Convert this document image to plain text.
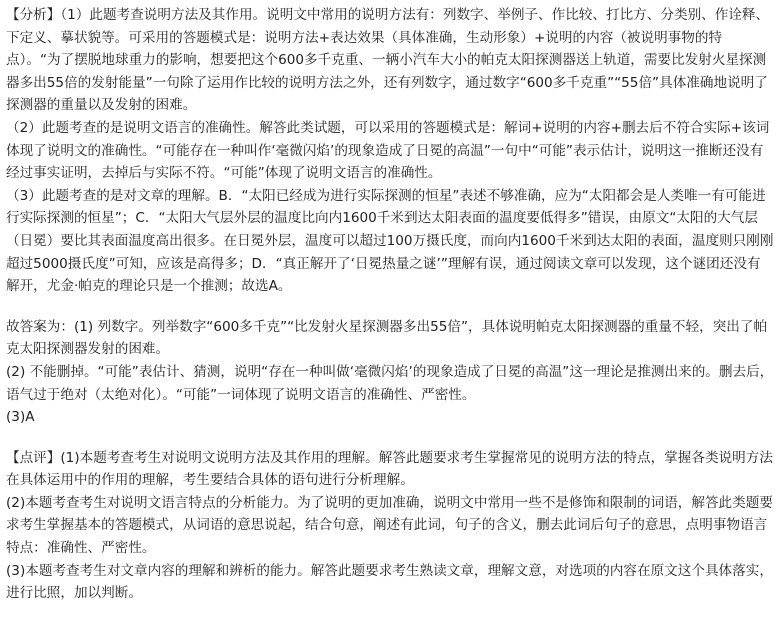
【分析】（1）此题考查说明方法及其作用。说明文中常用的说明方法有：列数字、举例子、作比较、打比方、分类别、作诠释、下定义、摹状貌等。可采用的答题模式是：说明方法+表达效果（具体准确，生动形象）+说明的内容（被说明事物的特点）。“为了摆脱地球重力的影响，想要把这个600多千克重、一辆小汽车大小的帕克太阳探测器送上轨道，需要比发射火星探测器多出55倍的发射能量”一句除了运用作比较的说明方法之外，还有列数字，通过数字“600多千克重”“55倍”具体准确地说明了探测器的重量以及发射的困难。

（2）此题考查的是说明文语言的准确性。解答此类试题，可以采用的答题模式是：解词+说明的内容+删去后不符合实际+该词体现了说明文的准确性。“可能存在一种叫作‘毫微闪焰’的现象造成了日冕的高温”一句中“可能”表示估计，说明这一推断还没有经过事实证明，去掉后与实际不符。“可能”体现了说明文语言的准确性。

（3）此题考查的是对文章的理解。B．“太阳已经成为进行实际探测的恒星”表述不够准确，应为“太阳都会是人类唯一有可能进行实际探测的恒星”；C．“太阳大气层外层的温度比向内1600千米到达太阳表面的温度要低得多”错误，由原文“太阳的大气层（日冕）要比其表面温度高出很多。在日冕外层，温度可以超过100万摄氏度，而向内1600千米到达太阳的表面，温度则只刚刚超过5000摄氏度”可知，应该是高得多；D．“真正解开了‘日冕热量之谜’”理解有误，通过阅读文章可以发现，这个谜团还没有解开，尤金·帕克的理论只是一个推测；故选A。

故答案为：(1) 列数字。列举数字“600多千克”“比发射火星探测器多出55倍”，具体说明帕克太阳探测器的重量不轻，突出了帕克太阳探测器发射的困难。

(2) 不能删掉。“可能”表估计、猜测，说明“存在一种叫做‘毫微闪焰’的现象造成了日冕的高温”这一理论是推测出来的。删去后，语气过于绝对（太绝对化）。“可能”一词体现了说明文语言的准确性、严密性。

(3)A

【点评】(1)本题考查考生对说明文说明方法及其作用的理解。解答此题要求考生掌握常见的说明方法的特点，掌握各类说明方法在具体运用中的作用的理解，考生要结合具体的语句进行分析理解。

(2)本题考查考生对说明文语言特点的分析能力。为了说明的更加准确，说明文中常用一些不是修饰和限制的词语，解答此类题要求考生掌握基本的答题模式，从词语的意思说起，结合句意，阐述有此词，句子的含义，删去此词后句子的意思，点明事物语言特点：准确性、严密性。

(3)本题考查考生对文章内容的理解和辨析的能力。解答此题要求考生熟读文章，理解文意，对选项的内容在原文这个具体落实，进行比照，加以判断。
